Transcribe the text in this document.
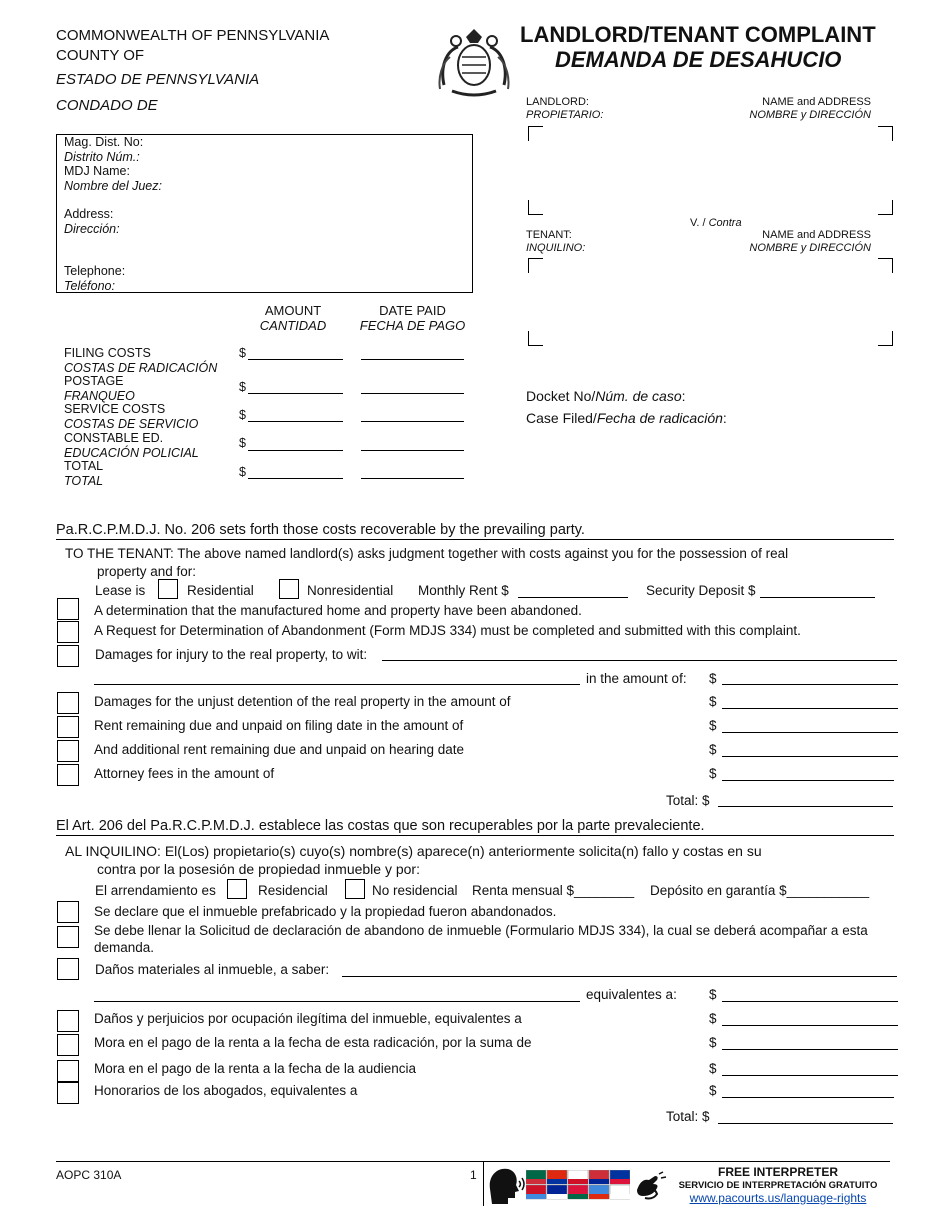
COMMONWEALTH OF PENNSYLVANIA
COUNTY OF
ESTADO DE PENNSYLVANIA
CONDADO DE
LANDLORD/TENANT COMPLAINT
DEMANDA DE DESAHUCIO
Mag. Dist. No:
Distrito Núm.:
MDJ Name:
Nombre del Juez:
Address:
Dirección:
Telephone:
Teléfono:
LANDLORD:
PROPIETARIO:
NAME and ADDRESS
NOMBRE y DIRECCIÓN
V. / Contra
TENANT:
INQUILINO:
NAME and ADDRESS
NOMBRE y DIRECCIÓN
Docket No/Núm. de caso:
Case Filed/Fecha de radicación:
AMOUNT
CANTIDAD
DATE PAID
FECHA DE PAGO
FILING COSTS
COSTAS DE RADICACIÓN
$
POSTAGE
FRANQUEO
$
SERVICE COSTS
COSTAS DE SERVICIO
$
CONSTABLE ED.
EDUCACIÓN POLICIAL
$
TOTAL
TOTAL
$
Pa.R.C.P.M.D.J. No. 206 sets forth those costs recoverable by the prevailing party.
TO THE TENANT: The above named landlord(s) asks judgment together with costs against you for the possession of real
property and for:
Lease is	Residential	Nonresidential Monthly Rent $	Security Deposit $
A determination that the manufactured home and property have been abandoned.
A Request for Determination of Abandonment (Form MDJS 334) must be completed and submitted with this complaint.
Damages for injury to the real property, to wit:
in the amount of: $
Damages for the unjust detention of the real property in the amount of	$
Rent remaining due and unpaid on filing date in the amount of	$
And additional rent remaining due and unpaid on hearing date	$
Attorney fees in the amount of	$
Total: $
El Art. 206 del Pa.R.C.P.M.D.J. establece las costas que son recuperables por la parte prevaleciente.
AL INQUILINO: El(Los) propietario(s) cuyo(s) nombre(s) aparece(n) anteriormente solicita(n) fallo y costas en su
contra por la posesión de propiedad inmueble y por:
El arrendamiento es	Residencial	No residencial Renta mensual $________ Depósito en garantía $___________
Se declare que el inmueble prefabricado y la propiedad fueron abandonados.
Se debe llenar la Solicitud de declaración de abandono de inmueble (Formulario MDJS 334), la cual se deberá acompañar a esta
demanda.
Daños materiales al inmueble, a saber:
equivalentes a: $
Daños y perjuicios por ocupación ilegítima del inmueble, equivalentes a	$
Mora en el pago de la renta a la fecha de esta radicación, por la suma de	$
Mora en el pago de la renta a la fecha de la audiencia	$
Honorarios de los abogados, equivalentes a	$
Total: $
AOPC 310A	1	FREE INTERPRETER
SERVICIO DE INTERPRETACIÓN GRATUITO
www.pacourts.us/language-rights
